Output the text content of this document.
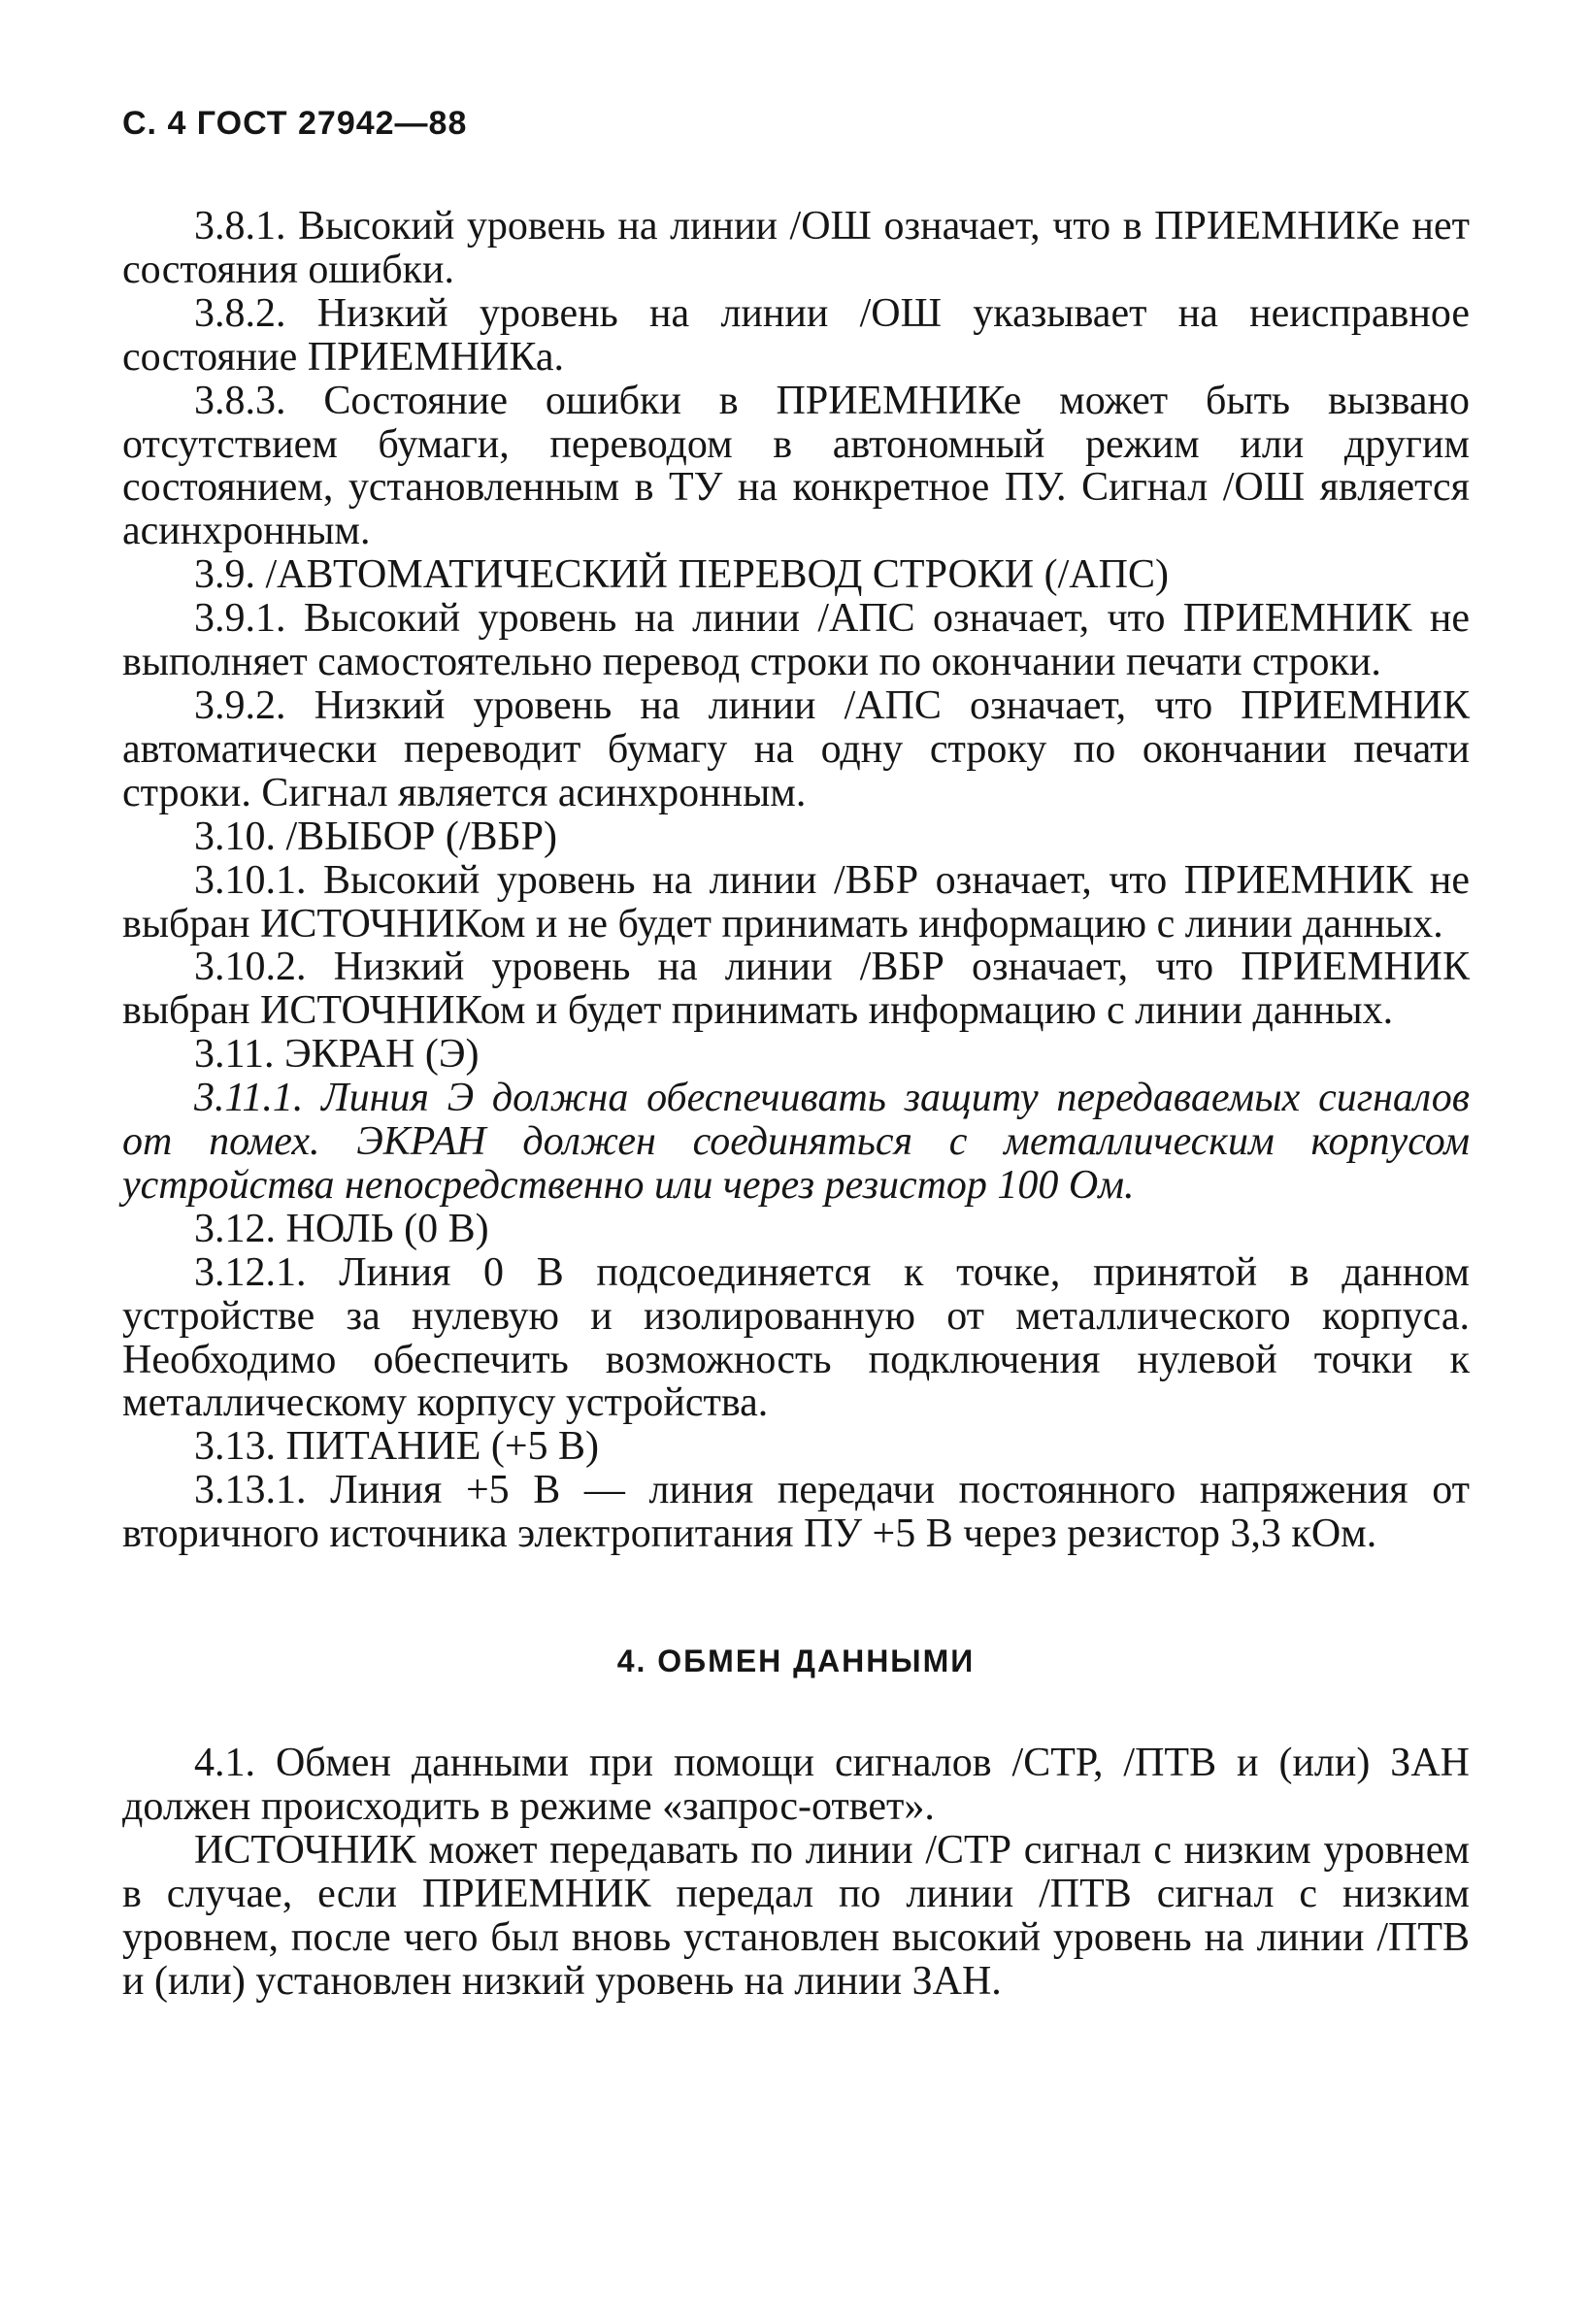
С. 4 ГОСТ 27942—88

3.8.1. Высокий уровень на линии /ОШ означает, что в ПРИЕМНИКе нет состояния ошибки.

3.8.2. Низкий уровень на линии /ОШ указывает на неисправное состояние ПРИЕМНИКа.

3.8.3. Состояние ошибки в ПРИЕМНИКе может быть вызвано отсутствием бумаги, переводом в автономный режим или другим состоянием, установленным в ТУ на конкретное ПУ. Сигнал /ОШ является асинхронным.

3.9. /АВТОМАТИЧЕСКИЙ ПЕРЕВОД СТРОКИ (/АПС)

3.9.1. Высокий уровень на линии /АПС означает, что ПРИЕМНИК не выполняет самостоятельно перевод строки по окончании печати строки.

3.9.2. Низкий уровень на линии /АПС означает, что ПРИЕМНИК автоматически переводит бумагу на одну строку по окончании печати строки. Сигнал является асинхронным.

3.10. /ВЫБОР (/ВБР)

3.10.1. Высокий уровень на линии /ВБР означает, что ПРИЕМНИК не выбран ИСТОЧНИКом и не будет принимать информацию с линии данных.

3.10.2. Низкий уровень на линии /ВБР означает, что ПРИЕМНИК выбран ИСТОЧНИКом и будет принимать информацию с линии данных.

3.11. ЭКРАН (Э)

3.11.1. Линия Э должна обеспечивать защиту передаваемых сигналов от помех. ЭКРАН должен соединяться с металлическим корпусом устройства непосредственно или через резистор 100 Ом.

3.12. НОЛЬ (0 В)

3.12.1. Линия 0 В подсоединяется к точке, принятой в данном устройстве за нулевую и изолированную от металлического корпуса. Необходимо обеспечить возможность подключения нулевой точки к металлическому корпусу устройства.

3.13. ПИТАНИЕ (+5 В)

3.13.1. Линия +5 В — линия передачи постоянного напряжения от вторичного источника электропитания ПУ +5 В через резистор 3,3 кОм.

4. ОБМЕН ДАННЫМИ

4.1. Обмен данными при помощи сигналов /СТР, /ПТВ и (или) ЗАН должен происходить в режиме «запрос-ответ».

ИСТОЧНИК может передавать по линии /СТР сигнал с низким уровнем в случае, если ПРИЕМНИК передал по линии /ПТВ сигнал с низким уровнем, после чего был вновь установлен высокий уровень на линии /ПТВ и (или) установлен низкий уровень на линии ЗАН.
